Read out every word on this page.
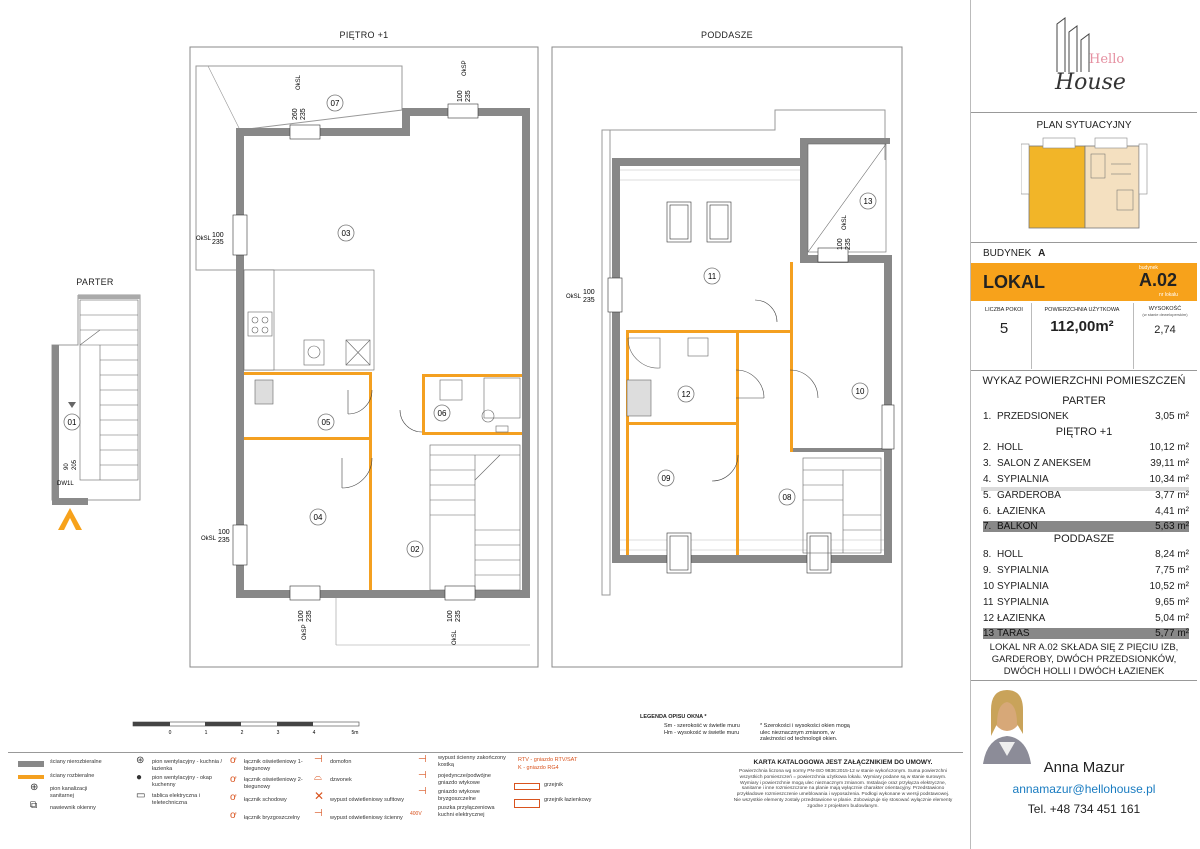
01
DW1L
90 205
03
05
04
02
06
07
OkSL 100
235
OkSL
100
235
OkSL
260 235
OkSP
100 235
OkSP
100 235
OkSL
100 235
11
12	10
09
08
13
OkSL
100
235
OkSL
100 235
0	1	2	3	4	5m
PIĘTRO +1	PODDASZE
PARTER
LEGENDA OPISU OKNA *
Sm - szerokość w świetle muru
Hm - wysokość w świetle muru
* Szerokości i wysokości okien mogą ulec nieznacznym zmianom, w zależności od technologii okien.
ściany nierozbieralne
ściany rozbieralne
⊕ pion kanalizacji sanitarnej
⧉ nawiewnik okienny
⊛ pion wentylacyjny - kuchnia / łazienka
● pion wentylacyjny - okap kuchenny
▭ tablica elektryczna i teletechniczna
ơ łącznik oświetleniowy 1-biegunowy
ơ łącznik oświetleniowy 2-biegunowy
ơ łącznik schodowy
ơ łącznik bryzgoszczelny
⊣ domofon
⌓ dzwonek
✕ wypust oświetleniowy sufitowy
⊣ wypust oświetleniowy ścienny
⊣ wypust ścienny zakończony kostką
⊣ pojedyncze/podwójne gniazdo wtykowe
⊣ gniazdo wtykowe bryzgoszczelne
400V
puszka przyłączeniowa kuchni elektrycznej
RTV - gniazdo RTV/SAT
K - gniazdo RG4
grzejnik
grzejnik łazienkowy
KARTA KATALOGOWA JEST ZAŁĄCZNIKIEM DO UMOWY.
Powierzchnia liczona wg normy PN-ISO 9836:2015-12 w stanie wykończonym. Suma powierzchni wszystkich pomieszczeń = powierzchnia użytkowa lokalu. Wymiary podane są w stanie surowym. Wymiary i powierzchnie mogą ulec nieznacznym zmianom. Instalacje oraz przyłącza elektryczne, sanitarne i inne rozmieszczone na planie mają wyłącznie charakter orientacyjny. Przedstawiono przykładowe rozmieszczenie umeblowania i wyposażenia. Podłogi wykonane w wersji podstawowej. Nie wszystkie elementy zostały przedstawione w planie. Zobowiązuje się stosować wyłącznie elementy zgodne z projektem budowlanym.
Hello
House
PLAN SYTUACYJNY
BUDYNEK A
LOKAL
budynek
A.02
nr lokalu
LICZBA POKOI
5
POWIERZCHNIA UŻYTKOWA
112,00m²
WYSOKOŚĆ
(w stanie deweloperskim)
2,74
WYKAZ POWIERZCHNI POMIESZCZEŃ
PARTER
1. PRZEDSIONEK	3,05 m²
PIĘTRO +1
2. HOLL	10,12 m²
3. SALON Z ANEKSEM	39,11 m²
4. SYPIALNIA	10,34 m²
5. GARDEROBA	3,77 m²
6. ŁAZIENKA	4,41 m²
7. BALKON	5,63 m²
PODDASZE
8. HOLL	8,24 m²
9. SYPIALNIA	7,75 m²
10 SYPIALNIA	10,52 m²
11 SYPIALNIA	9,65 m²
12 ŁAZIENKA	5,04 m²
13 TARAS	5,77 m²
LOKAL NR A.02 SKŁADA SIĘ Z PIĘCIU IZB, GARDEROBY, DWÓCH PRZEDSIONKÓW, DWÓCH HOLLI I DWÓCH ŁAZIENEK
Anna Mazur
annamazur@hellohouse.pl
Tel. +48 734 451 161
